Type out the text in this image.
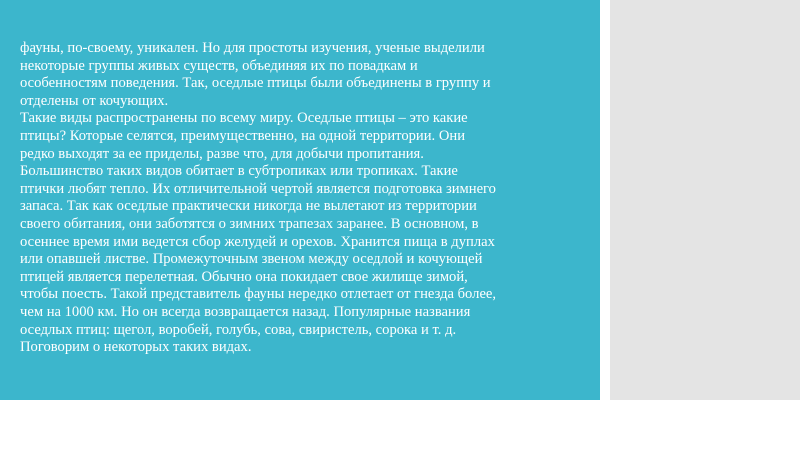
фауны, по-своему, уникален. Но для простоты изучения, ученые выделили
некоторые группы живых существ, объединяя их по повадкам и
особенностям поведения. Так, оседлые птицы были объединены в группу и
отделены от кочующих.
Такие виды распространены по всему миру. Оседлые птицы – это какие
птицы? Которые селятся, преимущественно, на одной территории. Они
редко выходят за ее приделы, разве что, для добычи пропитания.
Большинство таких видов обитает в субтропиках или тропиках. Такие
птички любят тепло. Их отличительной чертой является подготовка зимнего
запаса. Так как оседлые практически никогда не вылетают из территории
своего обитания, они заботятся о зимних трапезах заранее. В основном, в
осеннее время ими ведется сбор желудей и орехов. Хранится пища в дуплах
или опавшей листве. Промежуточным звеном между оседлой и кочующей
птицей является перелетная. Обычно она покидает свое жилище зимой,
чтобы поесть. Такой представитель фауны нередко отлетает от гнезда более,
чем на 1000 км. Но он всегда возвращается назад. Популярные названия
оседлых птиц: щегол, воробей, голубь, сова, свиристель, сорока и т. д.
Поговорим о некоторых таких видах.
